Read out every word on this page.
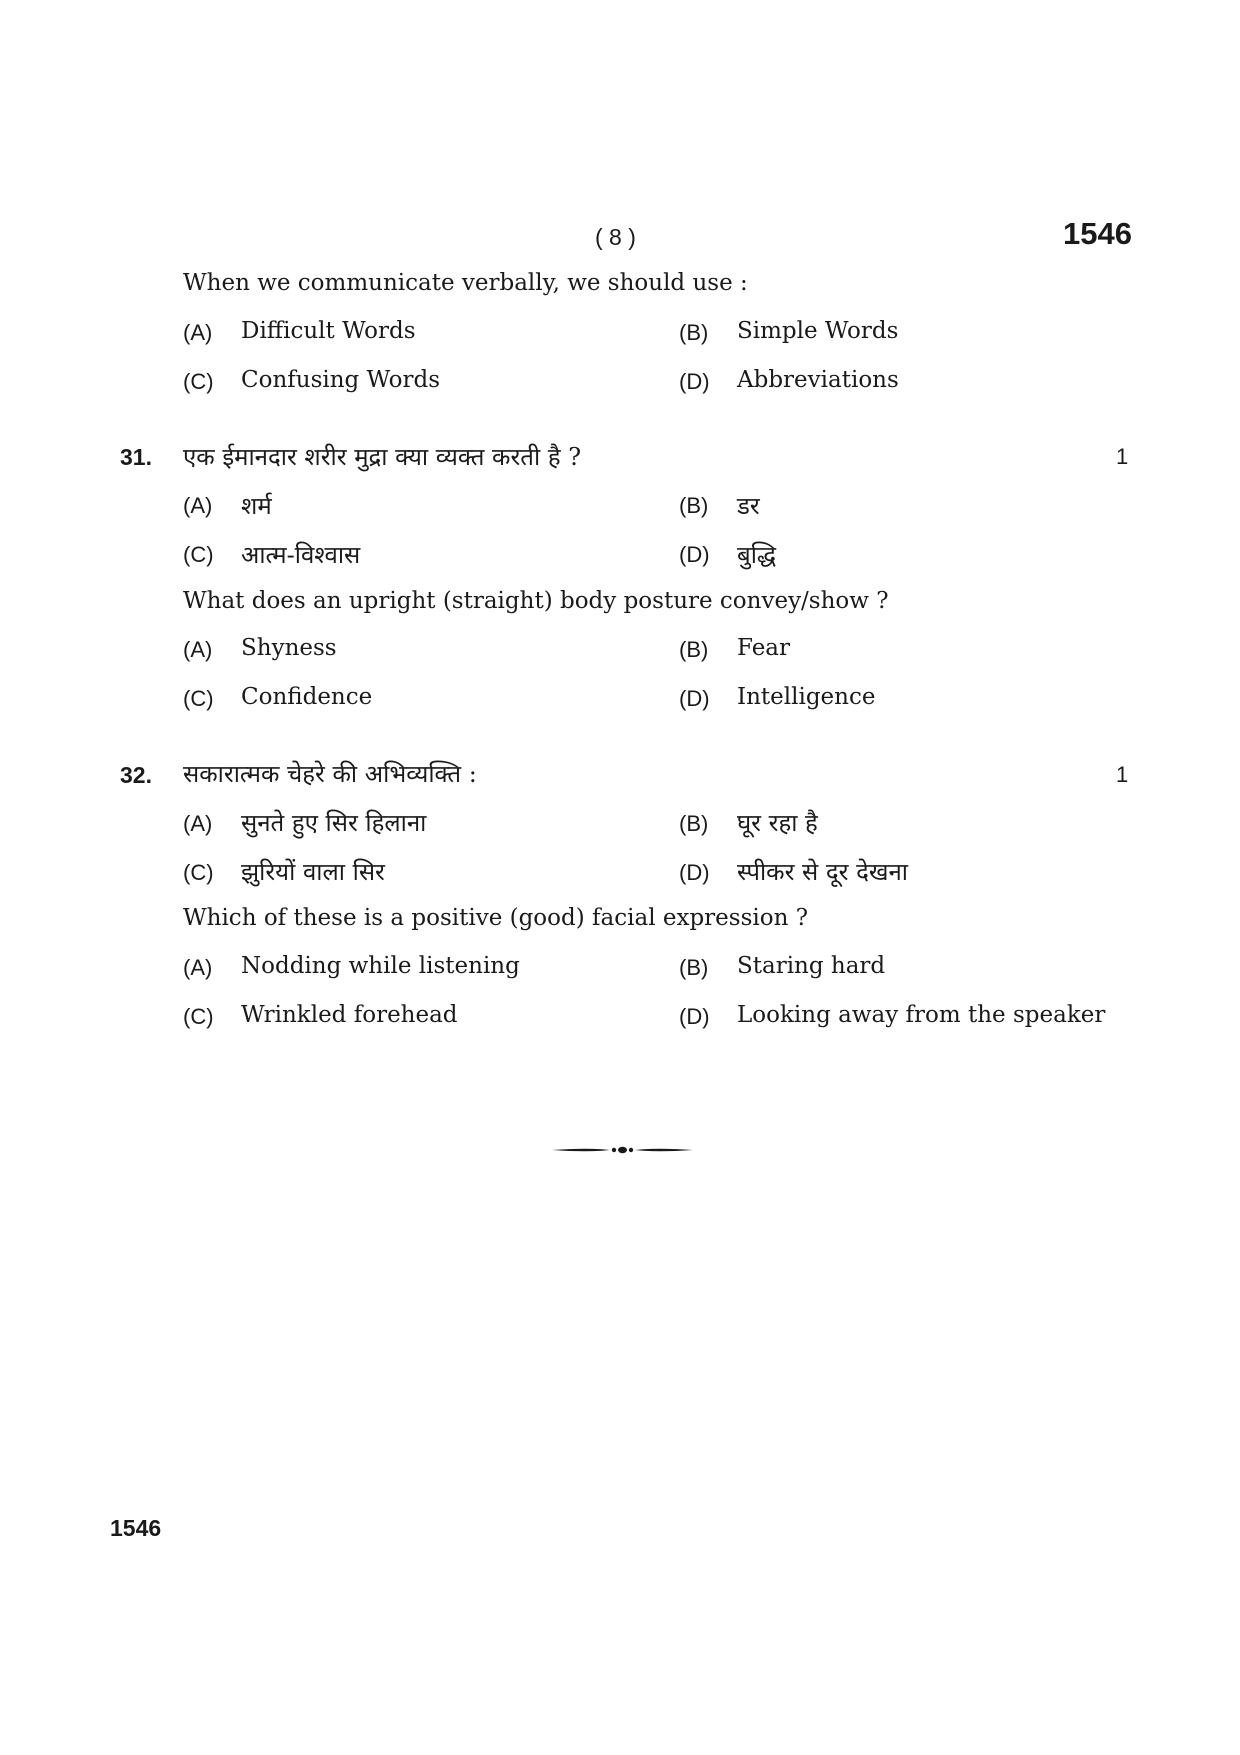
( 8 )	1546
When we communicate verbally, we should use :
(A) Difficult Words	(B) Simple Words
(C) Confusing Words	(D) Abbreviations
31. एक ईमानदार शरीर मुद्रा क्या व्यक्त करती है ?	1
(A) शर्म	(B) डर
(C) आत्म-विश्वास	(D) बुद्धि
What does an upright (straight) body posture convey/show ?
(A) Shyness	(B) Fear
(C) Confidence	(D) Intelligence
32. सकारात्मक चेहरे की अभिव्यक्ति :	1
(A) सुनते हुए सिर हिलाना	(B) घूर रहा है
(C) झुरियों वाला सिर	(D) स्पीकर से दूर देखना
Which of these is a positive (good) facial expression ?
(A) Nodding while listening	(B) Staring hard
(C) Wrinkled forehead	(D) Looking away from the speaker
1546
